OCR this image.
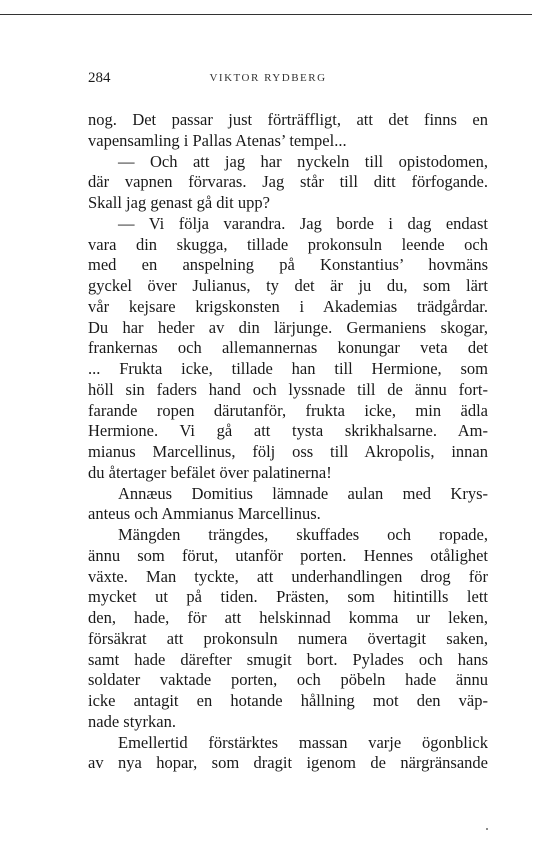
284	VIKTOR RYDBERG
nog. Det passar just förträffligt, att det finns en
vapensamling i Pallas Atenas’ tempel...
— Och att jag har nyckeln till opistodomen,
där vapnen förvaras. Jag står till ditt förfogande.
Skall jag genast gå dit upp?
— Vi följa varandra. Jag borde i dag endast
vara din skugga, tillade prokonsuln leende och
med en anspelning på Konstantius’ hovmäns
gyckel över Julianus, ty det är ju du, som lärt
vår kejsare krigskonsten i Akademias trädgårdar.
Du har heder av din lärjunge. Germaniens skogar,
frankernas och allemannernas konungar veta det
... Frukta icke, tillade han till Hermione, som
höll sin faders hand och lyssnade till de ännu fort-
farande ropen därutanför, frukta icke, min ädla
Hermione. Vi gå att tysta skrikhalsarne. Am-
mianus Marcellinus, följ oss till Akropolis, innan
du återtager befälet över palatinerna!
Annæus Domitius lämnade aulan med Krys-
anteus och Ammianus Marcellinus.
Mängden trängdes, skuffades och ropade,
ännu som förut, utanför porten. Hennes otålighet
växte. Man tyckte, att underhandlingen drog för
mycket ut på tiden. Prästen, som hitintills lett
den, hade, för att helskinnad komma ur leken,
försäkrat att prokonsuln numera övertagit saken,
samt hade därefter smugit bort. Pylades och hans
soldater vaktade porten, och pöbeln hade ännu
icke antagit en hotande hållning mot den väp-
nade styrkan.
Emellertid förstärktes massan varje ögonblick
av nya hopar, som dragit igenom de närgränsande
